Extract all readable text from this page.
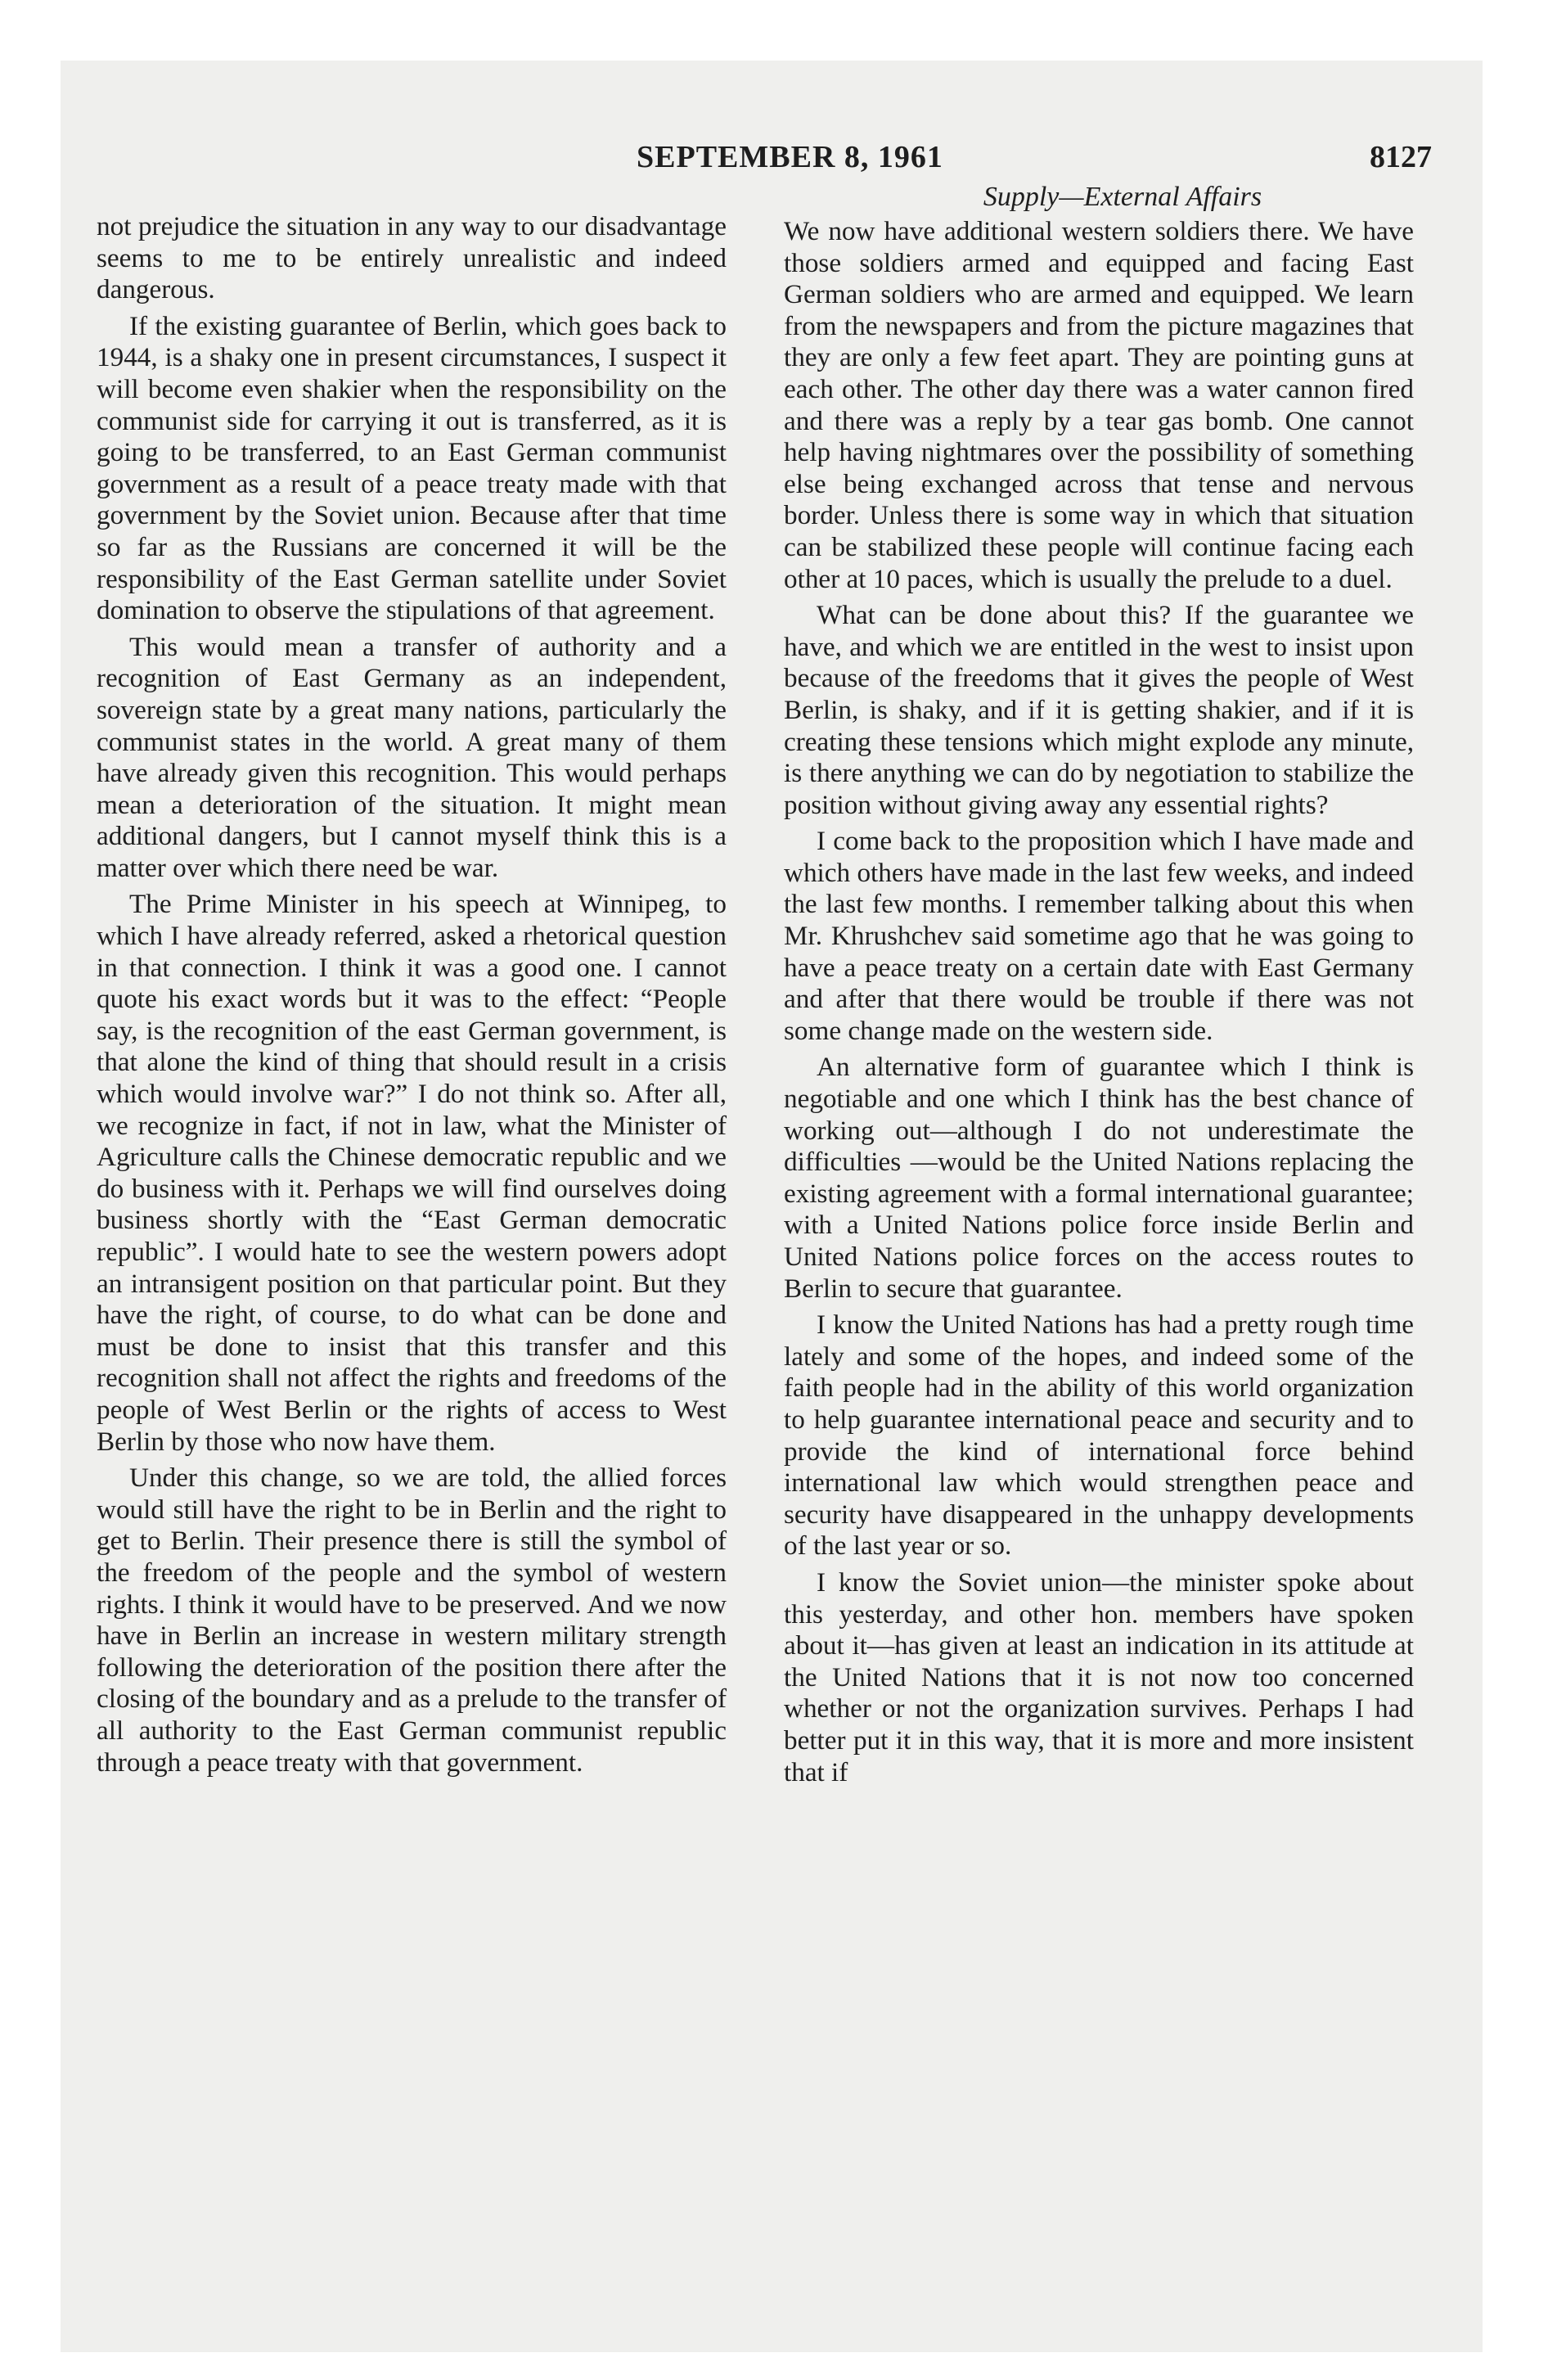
SEPTEMBER 8, 1961	8127
Supply—External Affairs

not prejudice the situation in any way to our disadvantage seems to me to be entirely unrealistic and indeed dangerous.

If the existing guarantee of Berlin, which goes back to 1944, is a shaky one in present circumstances, I suspect it will become even shakier when the responsibility on the communist side for carrying it out is transferred, as it is going to be transferred, to an East German communist government as a result of a peace treaty made with that government by the Soviet union. Because after that time so far as the Russians are concerned it will be the responsibility of the East German satellite under Soviet domination to observe the stipulations of that agreement.

This would mean a transfer of authority and a recognition of East Germany as an independent, sovereign state by a great many nations, particularly the communist states in the world. A great many of them have already given this recognition. This would perhaps mean a deterioration of the situation. It might mean additional dangers, but I cannot myself think this is a matter over which there need be war.

The Prime Minister in his speech at Winnipeg, to which I have already referred, asked a rhetorical question in that connection. I think it was a good one. I cannot quote his exact words but it was to the effect: “People say, is the recognition of the east German government, is that alone the kind of thing that should result in a crisis which would involve war?” I do not think so. After all, we recognize in fact, if not in law, what the Minister of Agriculture calls the Chinese democratic republic and we do business with it. Perhaps we will find ourselves doing business shortly with the “East German democratic republic”. I would hate to see the western powers adopt an intransigent position on that particular point. But they have the right, of course, to do what can be done and must be done to insist that this transfer and this recognition shall not affect the rights and freedoms of the people of West Berlin or the rights of access to West Berlin by those who now have them.

Under this change, so we are told, the allied forces would still have the right to be in Berlin and the right to get to Berlin. Their presence there is still the symbol of the freedom of the people and the symbol of western rights. I think it would have to be preserved. And we now have in Berlin an increase in western military strength following the deterioration of the position there after the closing of the boundary and as a prelude to the transfer of all authority to the East German communist republic through a peace treaty with that government.

We now have additional western soldiers there. We have those soldiers armed and equipped and facing East German soldiers who are armed and equipped. We learn from the newspapers and from the picture magazines that they are only a few feet apart. They are pointing guns at each other. The other day there was a water cannon fired and there was a reply by a tear gas bomb. One cannot help having nightmares over the possibility of something else being exchanged across that tense and nervous border. Unless there is some way in which that situation can be stabilized these people will continue facing each other at 10 paces, which is usually the prelude to a duel.

What can be done about this? If the guarantee we have, and which we are entitled in the west to insist upon because of the freedoms that it gives the people of West Berlin, is shaky, and if it is getting shakier, and if it is creating these tensions which might explode any minute, is there anything we can do by negotiation to stabilize the position without giving away any essential rights?

I come back to the proposition which I have made and which others have made in the last few weeks, and indeed the last few months. I remember talking about this when Mr. Khrushchev said sometime ago that he was going to have a peace treaty on a certain date with East Germany and after that there would be trouble if there was not some change made on the western side.

An alternative form of guarantee which I think is negotiable and one which I think has the best chance of working out—although I do not underestimate the difficulties —would be the United Nations replacing the existing agreement with a formal international guarantee; with a United Nations police force inside Berlin and United Nations police forces on the access routes to Berlin to secure that guarantee.

I know the United Nations has had a pretty rough time lately and some of the hopes, and indeed some of the faith people had in the ability of this world organization to help guarantee international peace and security and to provide the kind of international force behind international law which would strengthen peace and security have disappeared in the unhappy developments of the last year or so.

I know the Soviet union—the minister spoke about this yesterday, and other hon. members have spoken about it—has given at least an indication in its attitude at the United Nations that it is not now too concerned whether or not the organization survives. Perhaps I had better put it in this way, that it is more and more insistent that if
